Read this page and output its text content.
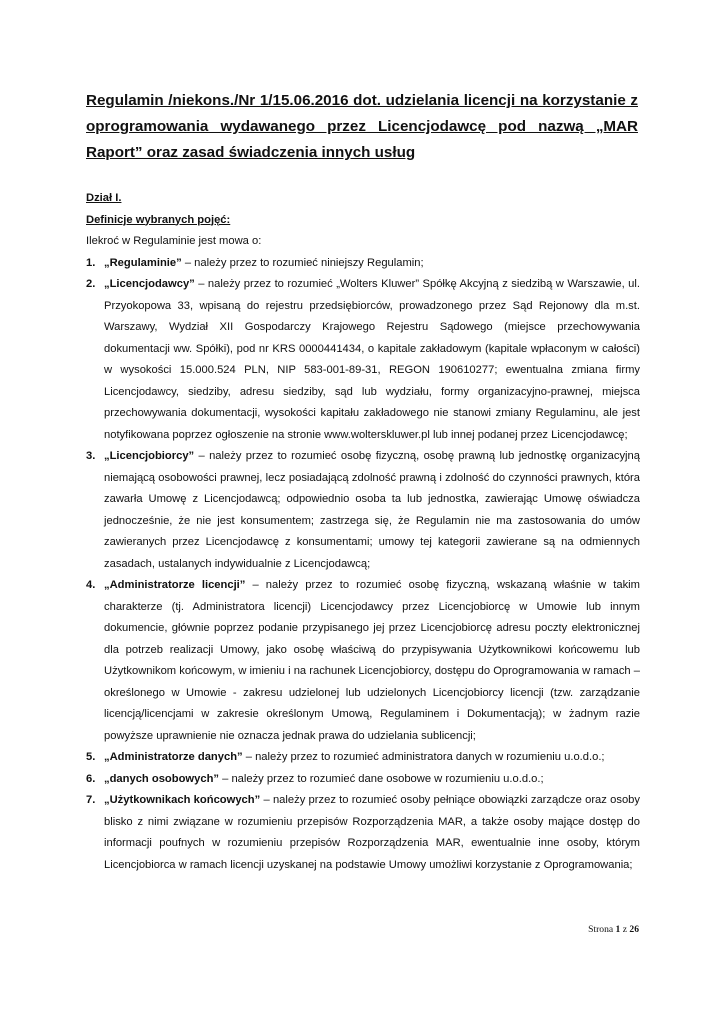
Regulamin /niekons./Nr 1/15.06.2016 dot. udzielania licencji na korzystanie z oprogramowania wydawanego przez Licencjodawcę pod nazwą „MAR Raport” oraz zasad świadczenia innych usług
Dział I.
Definicje wybranych pojęć:
Ilekroć w Regulaminie jest mowa o:
1. „Regulaminie” – należy przez to rozumieć niniejszy Regulamin;
2. „Licencjodawcy” – należy przez to rozumieć „Wolters Kluwer” Spółkę Akcyjną z siedzibą w Warszawie, ul. Przyokopowa 33, wpisaną do rejestru przedsiębiorców, prowadzonego przez Sąd Rejonowy dla m.st. Warszawy, Wydział XII Gospodarczy Krajowego Rejestru Sądowego (miejsce przechowywania dokumentacji ww. Spółki), pod nr KRS 0000441434, o kapitale zakładowym (kapitale wpłaconym w całości) w wysokości 15.000.524 PLN, NIP 583-001-89-31, REGON 190610277; ewentualna zmiana firmy Licencjodawcy, siedziby, adresu siedziby, sąd lub wydziału, formy organizacyjno-prawnej, miejsca przechowywania dokumentacji, wysokości kapitału zakładowego nie stanowi zmiany Regulaminu, ale jest notyfikowana poprzez ogłoszenie na stronie www.wolterskluwer.pl lub innej podanej przez Licencjodawcę;
3. „Licencjobiorcy” – należy przez to rozumieć osobę fizyczną, osobę prawną lub jednostkę organizacyjną niemającą osobowości prawnej, lecz posiadającą zdolność prawną i zdolność do czynności prawnych, która zawarła Umowę z Licencjodawcą; odpowiednio osoba ta lub jednostka, zawierając Umowę oświadcza jednocześnie, że nie jest konsumentem; zastrzega się, że Regulamin nie ma zastosowania do umów zawieranych przez Licencjodawcę z konsumentami; umowy tej kategorii zawierane są na odmiennych zasadach, ustalanych indywidualnie z Licencjodawcą;
4. „Administratorze licencji” – należy przez to rozumieć osobę fizyczną, wskazaną właśnie w takim charakterze (tj. Administratora licencji) Licencjodawcy przez Licencjobiorcę w Umowie lub innym dokumencie, głównie poprzez podanie przypisanego jej przez Licencjobiorcę adresu poczty elektronicznej dla potrzeb realizacji Umowy, jako osobę właściwą do przypisywania Użytkownikowi końcowemu lub Użytkownikom końcowym, w imieniu i na rachunek Licencjobiorcy, dostępu do Oprogramowania w ramach – określonego w Umowie - zakresu udzielonej lub udzielonych Licencjobiorcy licencji (tzw. zarządzanie licencją/licencjami w zakresie określonym Umową, Regulaminem i Dokumentacją); w żadnym razie powyższe uprawnienie nie oznacza jednak prawa do udzielania sublicencji;
5. „Administratorze danych” – należy przez to rozumieć administratora danych w rozumieniu u.o.d.o.;
6. „danych osobowych” – należy przez to rozumieć dane osobowe w rozumieniu u.o.d.o.;
7. „Użytkownikach końcowych” – należy przez to rozumieć osoby pełniące obowiązki zarządcze oraz osoby blisko z nimi związane w rozumieniu przepisów Rozporządzenia MAR, a także osoby mające dostęp do informacji poufnych w rozumieniu przepisów Rozporządzenia MAR, ewentualnie inne osoby, którym Licencjobiorca w ramach licencji uzyskanej na podstawie Umowy umożliwi korzystanie z Oprogramowania;
Strona 1 z 26
